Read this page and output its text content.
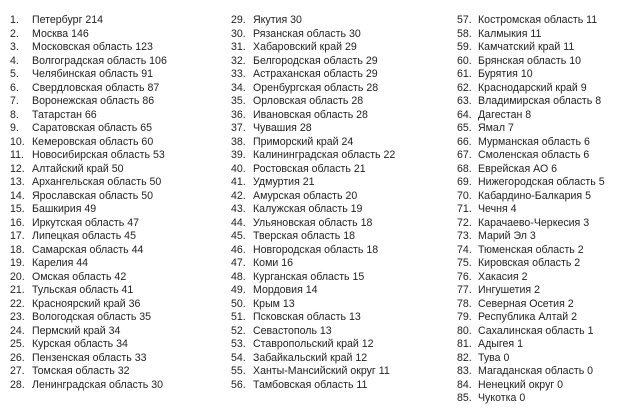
1.	Петербург 214
2.	Москва 146
3.	Московская область 123
4.	Волгоградская область 106
5.	Челябинская область 91
6.	Свердловская область 87
7.	Воронежская область 86
8.	Татарстан 66
9.	Саратовская область 65
10. Кемеровская область 60
11. Новосибирская область 53
12. Алтайский край 50
13. Архангельская область 50
14. Ярославская область 50
15. Башкирия 49
16. Иркутская область 47
17. Липецкая область 45
18. Самарская область 44
19. Карелия 44
20. Омская область 42
21. Тульская область 41
22. Красноярский край 36
23. Вологодская область 35
24. Пермский край 34
25. Курская область 34
26. Пензенская область 33
27. Томская область 32
28. Ленинградская область 30
29. Якутия 30
30. Рязанская область 30
31. Хабаровский край 29
32. Белгородская область 29
33. Астраханская область 29
34. Оренбургская область 28
35. Орловская область 28
36. Ивановская область 28
37. Чувашия 28
38. Приморский край 24
39. Калининградская область 22
40. Ростовская область 21
41. Удмуртия 21
42. Амурская область 20
43. Калужская область 19
44. Ульяновская область 18
45. Тверская область 18
46. Новгородская область 18
47. Коми 16
48. Курганская область 15
49. Мордовия 14
50. Крым 13
51. Псковская область 13
52. Севастополь 13
53. Ставропольский край 12
54. Забайкальский край 12
55. Ханты-Мансийский округ 11
56. Тамбовская область 11
57. Костромская область 11
58. Калмыкия 11
59. Камчатский край 11
60. Брянская область 10
61. Бурятия 10
62. Краснодарский край 9
63. Владимирская область 8
64. Дагестан 8
65. Ямал 7
66. Мурманская область 6
67. Смоленская область 6
68. Еврейская АО 6
69. Нижегородская область 5
70. Кабардино-Балкария 5
71. Чечня 4
72. Карачаево-Черкесия 3
73. Марий Эл 3
74. Тюменская область 2
75. Кировская область 2
76. Хакасия 2
77. Ингушетия 2
78. Северная Осетия 2
79. Республика Алтай 2
80. Сахалинская область 1
81. Адыгея 1
82. Тува 0
83. Магаданская область 0
84. Ненецкий округ 0
85. Чукотка 0
